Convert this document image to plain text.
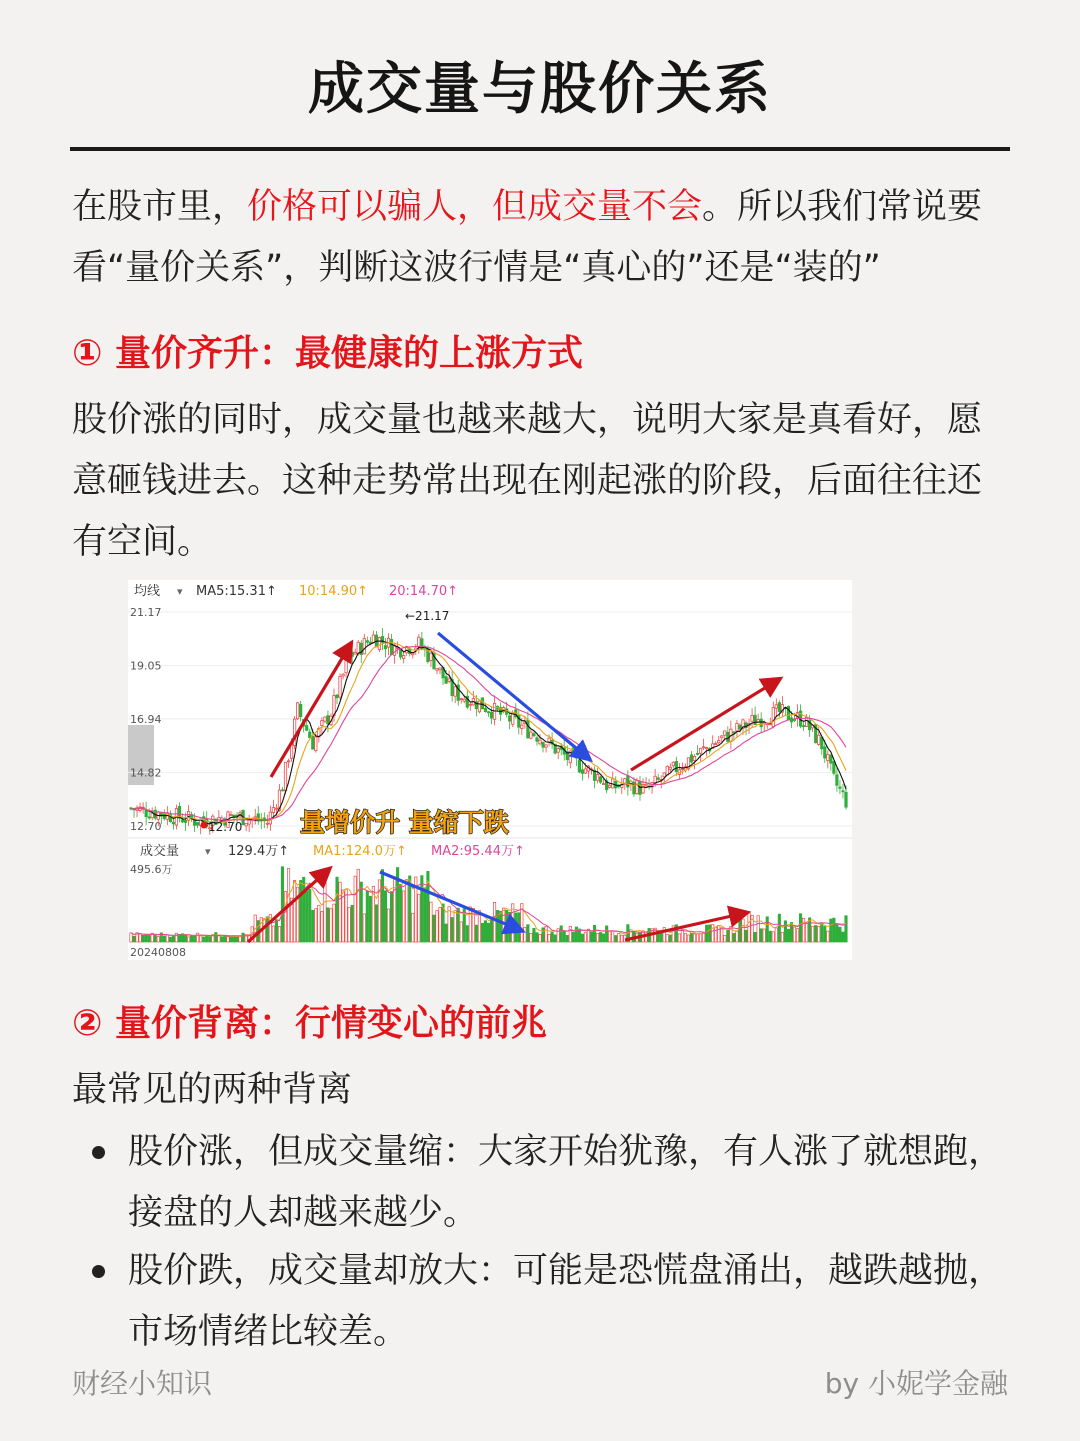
成交量与股价关系
在股市里，价格可以骗人，但成交量不会。所以我们常说要看“量价关系”，判断这波行情是“真心的”还是“装的”
① 量价齐升：最健康的上涨方式
股价涨的同时，成交量也越来越大，说明大家是真看好，愿意砸钱进去。这种走势常出现在刚起涨的阶段，后面往往还有空间。
均线 ▾ MA5:15.31↑ 10:14.90↑ 20:14.70↑
21.17
19.05
16.94
14.82
12.70
←21.17
12.70 量增价升 量缩下跌
成交量 ▾ 129.4万↑ MA1:124.0万↑ MA2:95.44万↑
495.6万
20240808
② 量价背离：行情变心的前兆
最常见的两种背离
股价涨，但成交量缩：大家开始犹豫，有人涨了就想跑，接盘的人却越来越少。
股价跌，成交量却放大：可能是恐慌盘涌出，越跌越抛，市场情绪比较差。
财经小知识	by 小妮学金融
